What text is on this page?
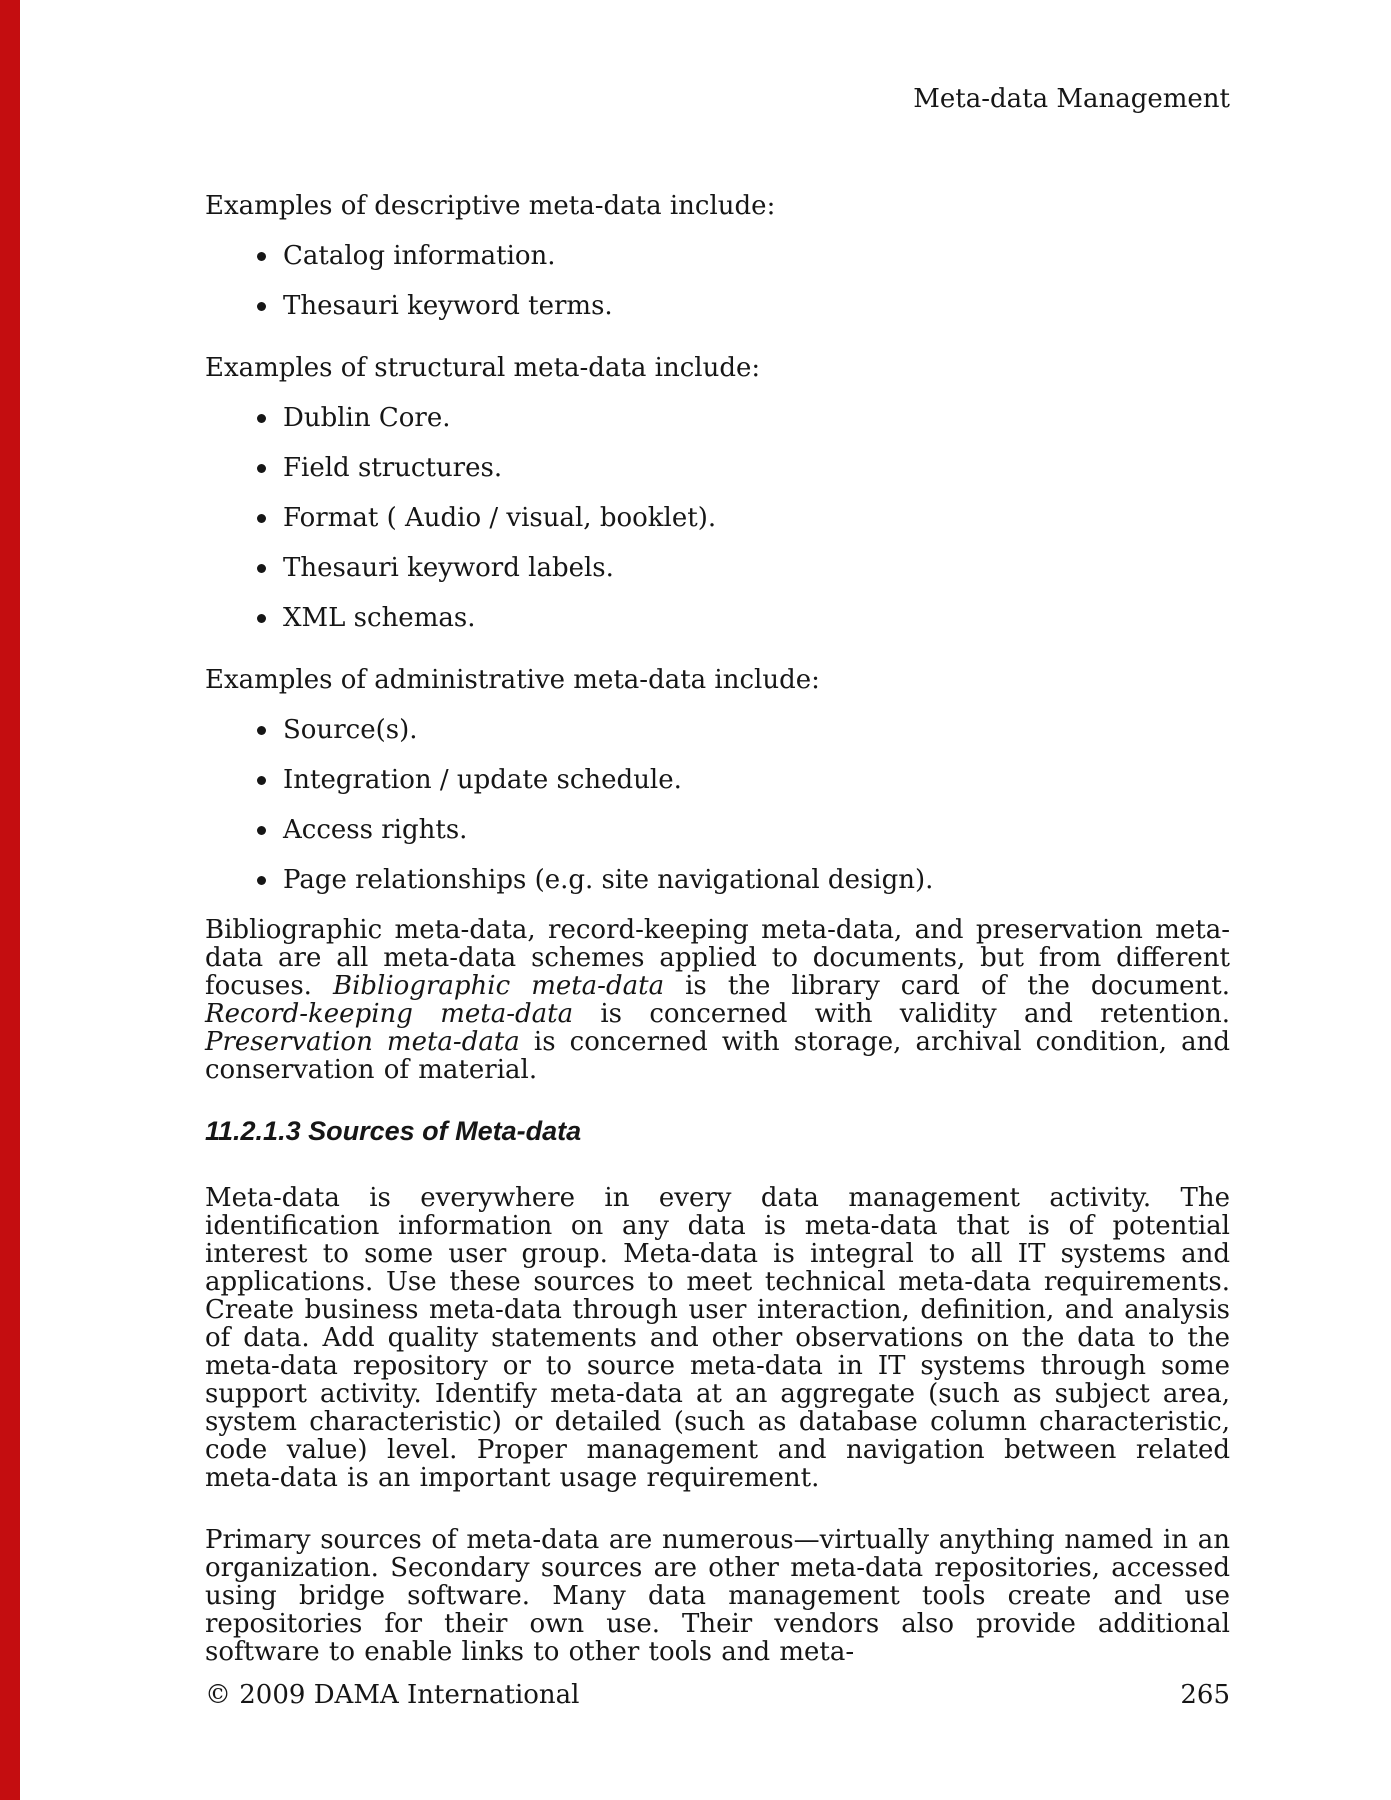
Meta-data Management
Examples of descriptive meta-data include:
Catalog information.
Thesauri keyword terms.
Examples of structural meta-data include:
Dublin Core.
Field structures.
Format ( Audio / visual, booklet).
Thesauri keyword labels.
XML schemas.
Examples of administrative meta-data include:
Source(s).
Integration / update schedule.
Access rights.
Page relationships (e.g. site navigational design).

Bibliographic meta-data, record-keeping meta-data, and preservation meta-data are all meta-data schemes applied to documents, but from different focuses. Bibliographic meta-data is the library card of the document. Record-keeping meta-data is concerned with validity and retention. Preservation meta-data is concerned with storage, archival condition, and conservation of material.

11.2.1.3 Sources of Meta-data

Meta-data is everywhere in every data management activity. The identification information on any data is meta-data that is of potential interest to some user group. Meta-data is integral to all IT systems and applications. Use these sources to meet technical meta-data requirements. Create business meta-data through user interaction, definition, and analysis of data. Add quality statements and other observations on the data to the meta-data repository or to source meta-data in IT systems through some support activity. Identify meta-data at an aggregate (such as subject area, system characteristic) or detailed (such as database column characteristic, code value) level. Proper management and navigation between related meta-data is an important usage requirement.

Primary sources of meta-data are numerous—virtually anything named in an organization. Secondary sources are other meta-data repositories, accessed using bridge software. Many data management tools create and use repositories for their own use. Their vendors also provide additional software to enable links to other tools and meta-

© 2009 DAMA International	265
